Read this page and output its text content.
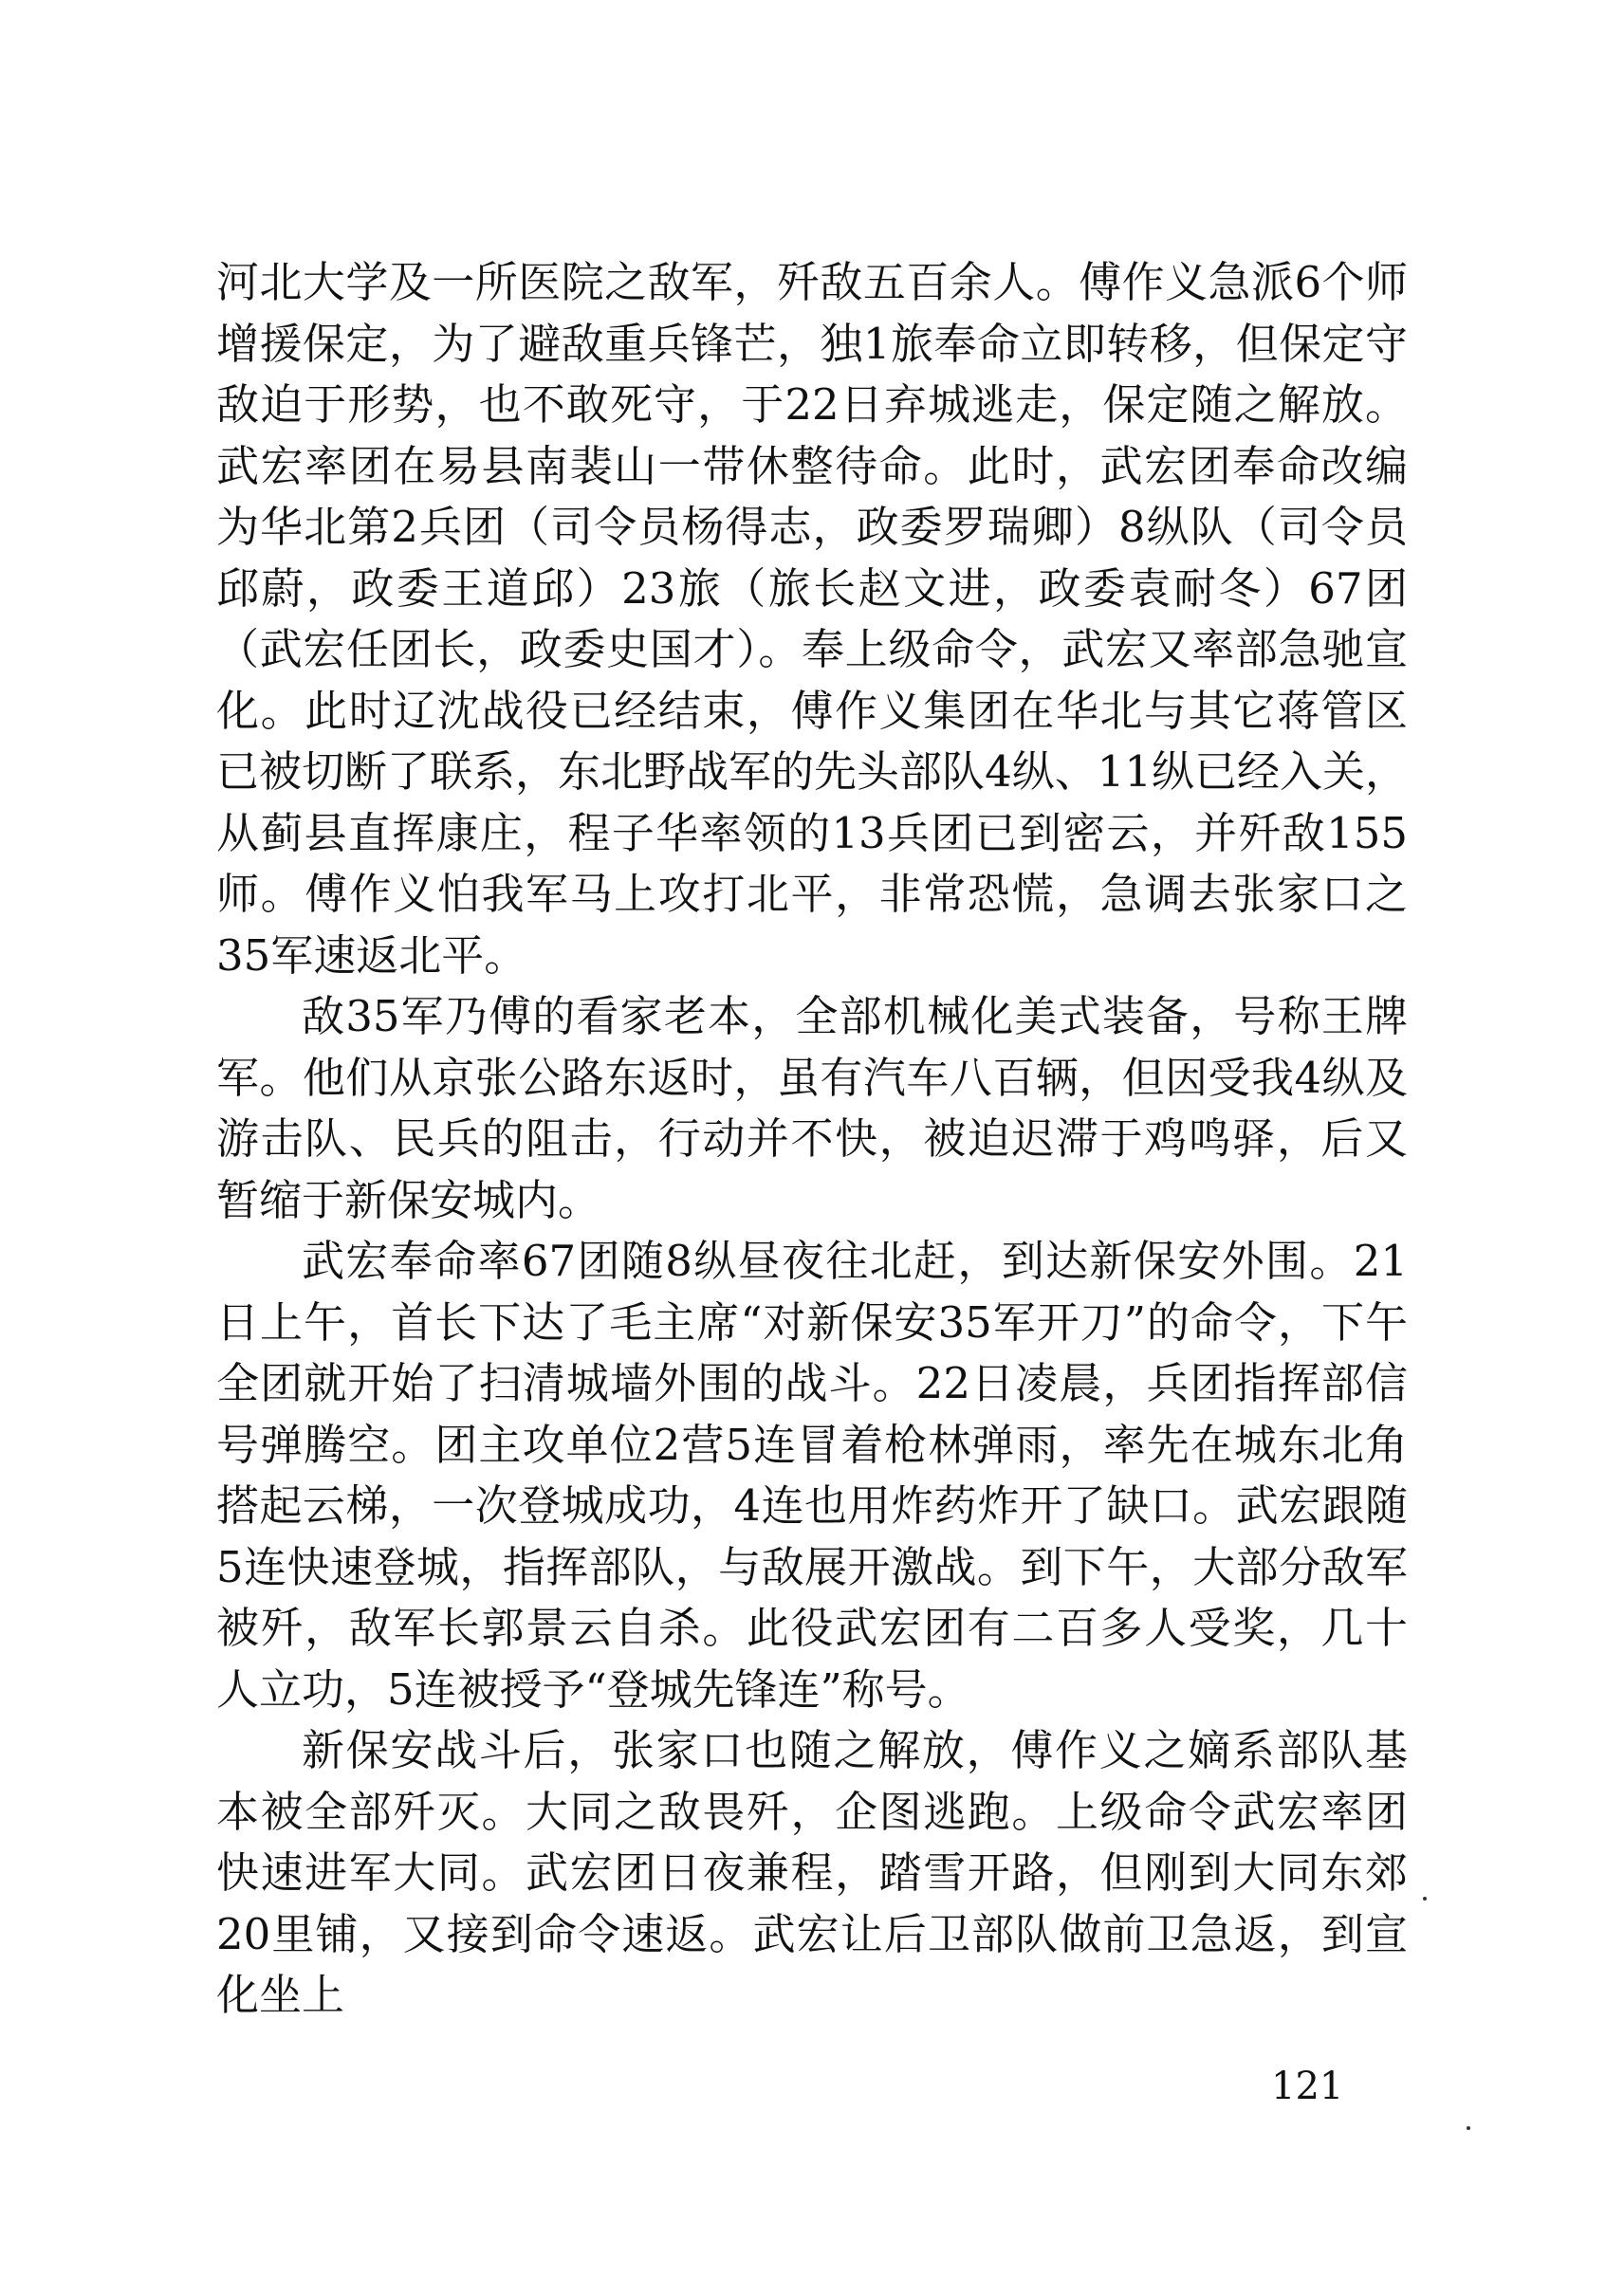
河北大学及一所医院之敌军，歼敌五百余人。傅作义急派6个师增援保定，为了避敌重兵锋芒，独1旅奉命立即转移，但保定守敌迫于形势，也不敢死守，于22日弃城逃走，保定随之解放。武宏率团在易县南裴山一带休整待命。此时，武宏团奉命改编为华北第2兵团（司令员杨得志，政委罗瑞卿）8纵队（司令员邱蔚，政委王道邱）23旅（旅长赵文进，政委袁耐冬）67团（武宏任团长，政委史国才）。奉上级命令，武宏又率部急驰宣化。此时辽沈战役已经结束，傅作义集团在华北与其它蒋管区已被切断了联系，东北野战军的先头部队4纵、11纵已经入关，从蓟县直挥康庄，程子华率领的13兵团已到密云，并歼敌155师。傅作义怕我军马上攻打北平，非常恐慌，急调去张家口之35军速返北平。

敌35军乃傅的看家老本，全部机械化美式装备，号称王牌军。他们从京张公路东返时，虽有汽车八百辆，但因受我4纵及游击队、民兵的阻击，行动并不快，被迫迟滞于鸡鸣驿，后又暂缩于新保安城内。

武宏奉命率67团随8纵昼夜往北赶，到达新保安外围。21日上午，首长下达了毛主席“对新保安35军开刀”的命令，下午全团就开始了扫清城墙外围的战斗。22日凌晨，兵团指挥部信号弹腾空。团主攻单位2营5连冒着枪林弹雨，率先在城东北角搭起云梯，一次登城成功，4连也用炸药炸开了缺口。武宏跟随5连快速登城，指挥部队，与敌展开激战。到下午，大部分敌军被歼，敌军长郭景云自杀。此役武宏团有二百多人受奖，几十人立功，5连被授予“登城先锋连”称号。

新保安战斗后，张家口也随之解放，傅作义之嫡系部队基本被全部歼灭。大同之敌畏歼，企图逃跑。上级命令武宏率团快速进军大同。武宏团日夜兼程，踏雪开路，但刚到大同东郊20里铺，又接到命令速返。武宏让后卫部队做前卫急返，到宣化坐上

121
